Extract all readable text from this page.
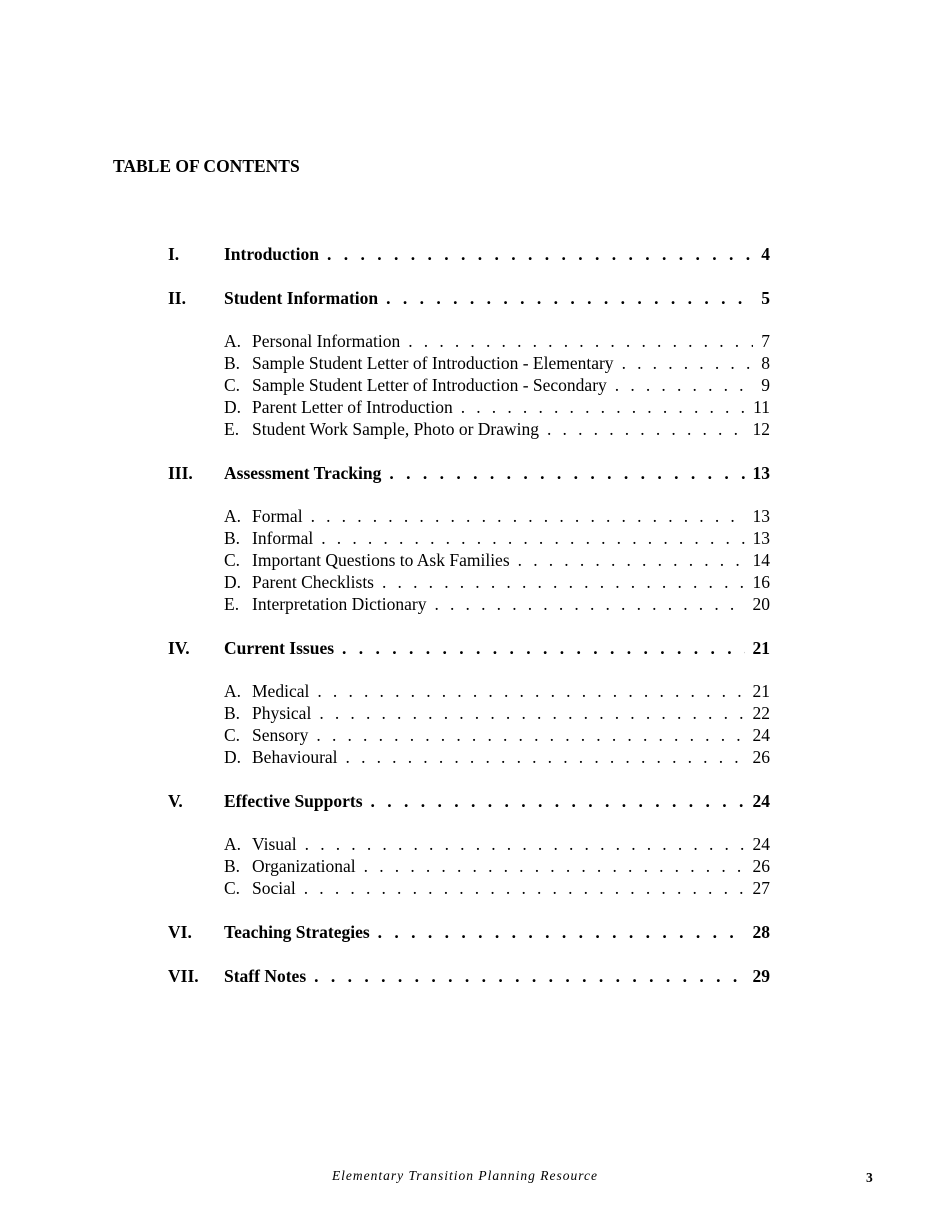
TABLE OF CONTENTS
I.	Introduction . . .	4
II.	Student Information . . .	5
A. Personal Information . . .	7
B. Sample Student Letter of Introduction - Elementary . . .	8
C. Sample Student Letter of Introduction - Secondary . . .	9
D. Parent Letter of Introduction . . .	11
E. Student Work Sample, Photo or Drawing . . .	12
III.	Assessment Tracking . . .	13
A. Formal . . .	13
B. Informal . . .	13
C. Important Questions to Ask Families . . .	14
D. Parent Checklists . . .	16
E. Interpretation Dictionary . . .	20
IV.	Current Issues . . .	21
A. Medical . . .	21
B. Physical . . .	22
C. Sensory . . .	24
D. Behavioural . . .	26
V.	Effective Supports . . .	24
A. Visual . . .	24
B. Organizational . . .	26
C. Social . . .	27
VI.	Teaching Strategies . . .	28
VII.	Staff Notes . . .	29
Elementary Transition Planning Resource	3
